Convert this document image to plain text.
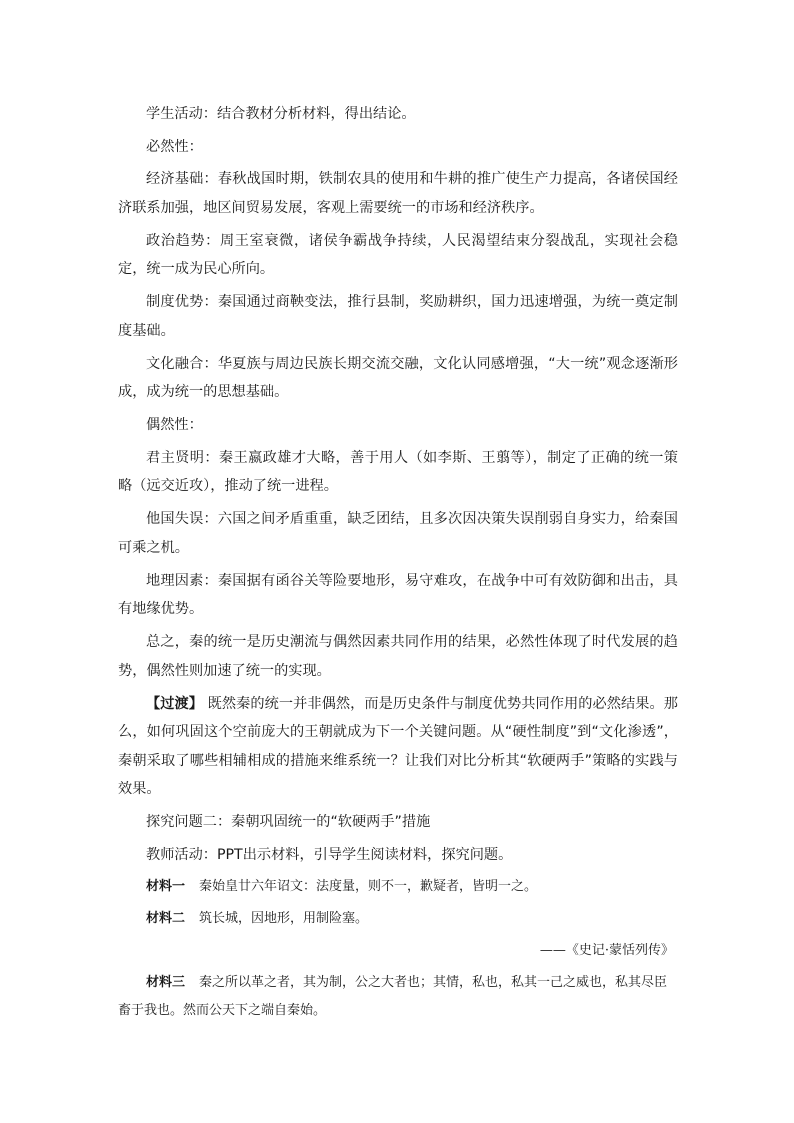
学生活动：结合教材分析材料，得出结论。

必然性：

经济基础：春秋战国时期，铁制农具的使用和牛耕的推广使生产力提高，各诸侯国经济联系加强，地区间贸易发展，客观上需要统一的市场和经济秩序。

政治趋势：周王室衰微，诸侯争霸战争持续，人民渴望结束分裂战乱，实现社会稳定，统一成为民心所向。

制度优势：秦国通过商鞅变法，推行县制，奖励耕织，国力迅速增强，为统一奠定制度基础。

文化融合：华夏族与周边民族长期交流交融，文化认同感增强，“大一统”观念逐渐形成，成为统一的思想基础。

偶然性：

君主贤明：秦王嬴政雄才大略，善于用人（如李斯、王翦等），制定了正确的统一策略（远交近攻），推动了统一进程。

他国失误：六国之间矛盾重重，缺乏团结，且多次因决策失误削弱自身实力，给秦国可乘之机。

地理因素：秦国据有函谷关等险要地形，易守难攻，在战争中可有效防御和出击，具有地缘优势。

总之，秦的统一是历史潮流与偶然因素共同作用的结果，必然性体现了时代发展的趋势，偶然性则加速了统一的实现。

【过渡】 既然秦的统一并非偶然，而是历史条件与制度优势共同作用的必然结果。那么，如何巩固这个空前庞大的王朝就成为下一个关键问题。从“硬性制度”到“文化渗透”，秦朝采取了哪些相辅相成的措施来维系统一？让我们对比分析其“软硬两手”策略的实践与效果。

探究问题二：秦朝巩固统一的“软硬两手”措施

教师活动：PPT出示材料，引导学生阅读材料，探究问题。

材料一 秦始皇廿六年诏文：法度量，则不一，歉疑者，皆明一之。

材料二 筑长城，因地形，用制险塞。

——《史记·蒙恬列传》

材料三 秦之所以革之者，其为制，公之大者也；其情，私也，私其一己之威也，私其尽臣畜于我也。然而公天下之端自秦始。
